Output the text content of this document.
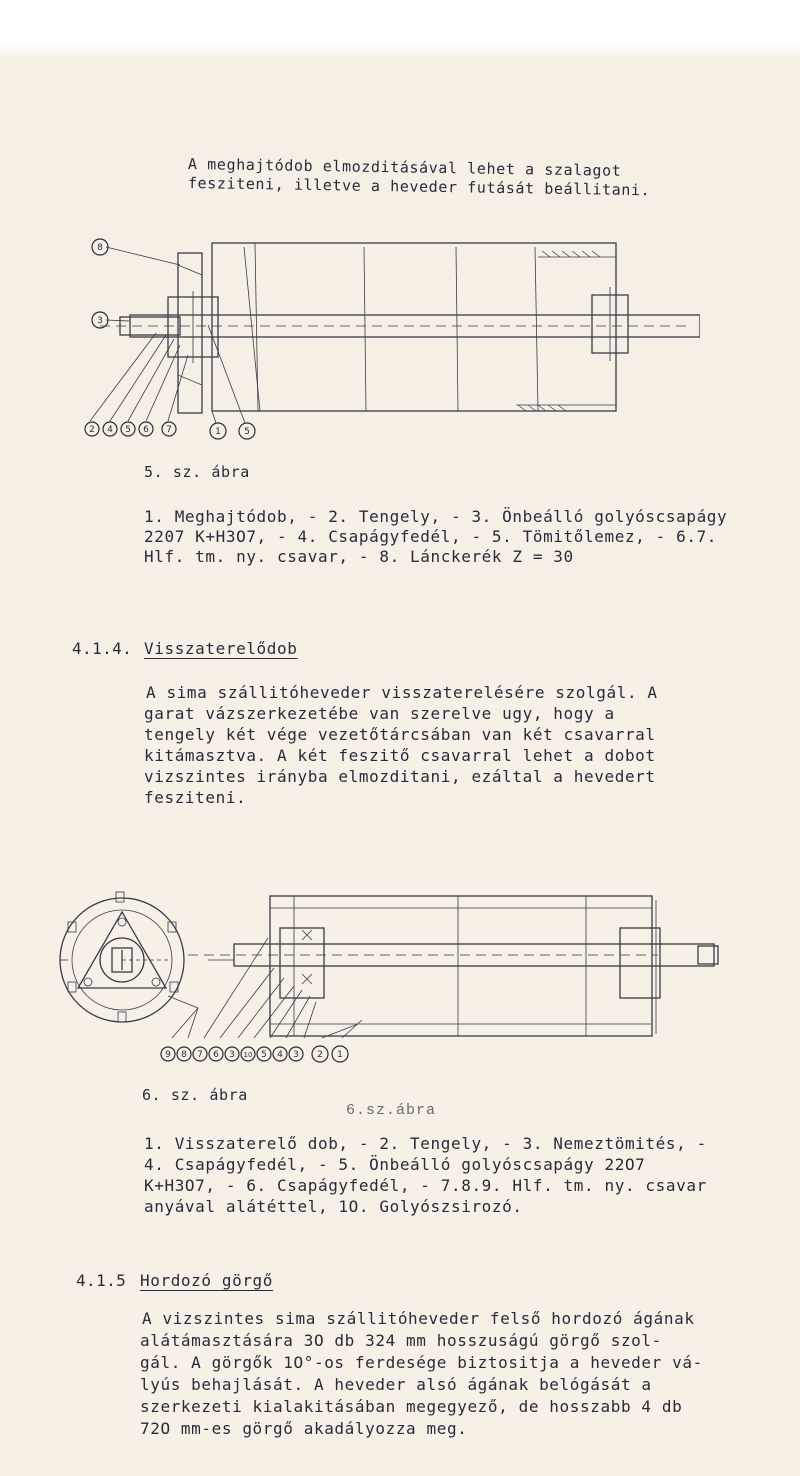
A meghajtódob elmozditásával lehet a szalagot

fesziteni, illetve a heveder futását beállitani.

8
3
2 4 5 6 7	1	5

5. sz. ábra

1. Meghajtódob, - 2. Tengely, - 3. Önbeálló golyóscsapágy

2207 K+H3O7, - 4. Csapágyfedél, - 5. Tömitőlemez, - 6.7.

Hlf. tm. ny. csavar, - 8. Lánckerék Z = 30

4.1.4. Visszaterelődob

A sima szállitóheveder visszaterelésére szolgál. A

garat vázszerkezetébe van szerelve ugy, hogy a

tengely két vége vezetőtárcsában van két csavarral

kitámasztva. A két feszitő csavarral lehet a dobot

vizszintes irányba elmozditani, ezáltal a hevedert

fesziteni.

9 8 7 6 3 10 5 4 3 2 1

6. sz. ábra

6.sz.ábra

1. Visszaterelő dob, - 2. Tengely, - 3. Nemeztömités, -

4. Csapágyfedél, - 5. Önbeálló golyóscsapágy 22O7

K+H3O7, - 6. Csapágyfedél, - 7.8.9. Hlf. tm. ny. csavar

anyával alátéttel, 1O. Golyószsirozó.

4.1.5 Hordozó görgő

A vizszintes sima szállitóheveder felső hordozó ágának

alátámasztására 3O db 324 mm hosszuságú görgő szol-

gál. A görgők 1O°-os ferdesége biztositja a heveder vá-

lyús behajlását. A heveder alsó ágának belógását a

szerkezeti kialakitásában megegyező, de hosszabb 4 db

72O mm-es görgő akadályozza meg.
